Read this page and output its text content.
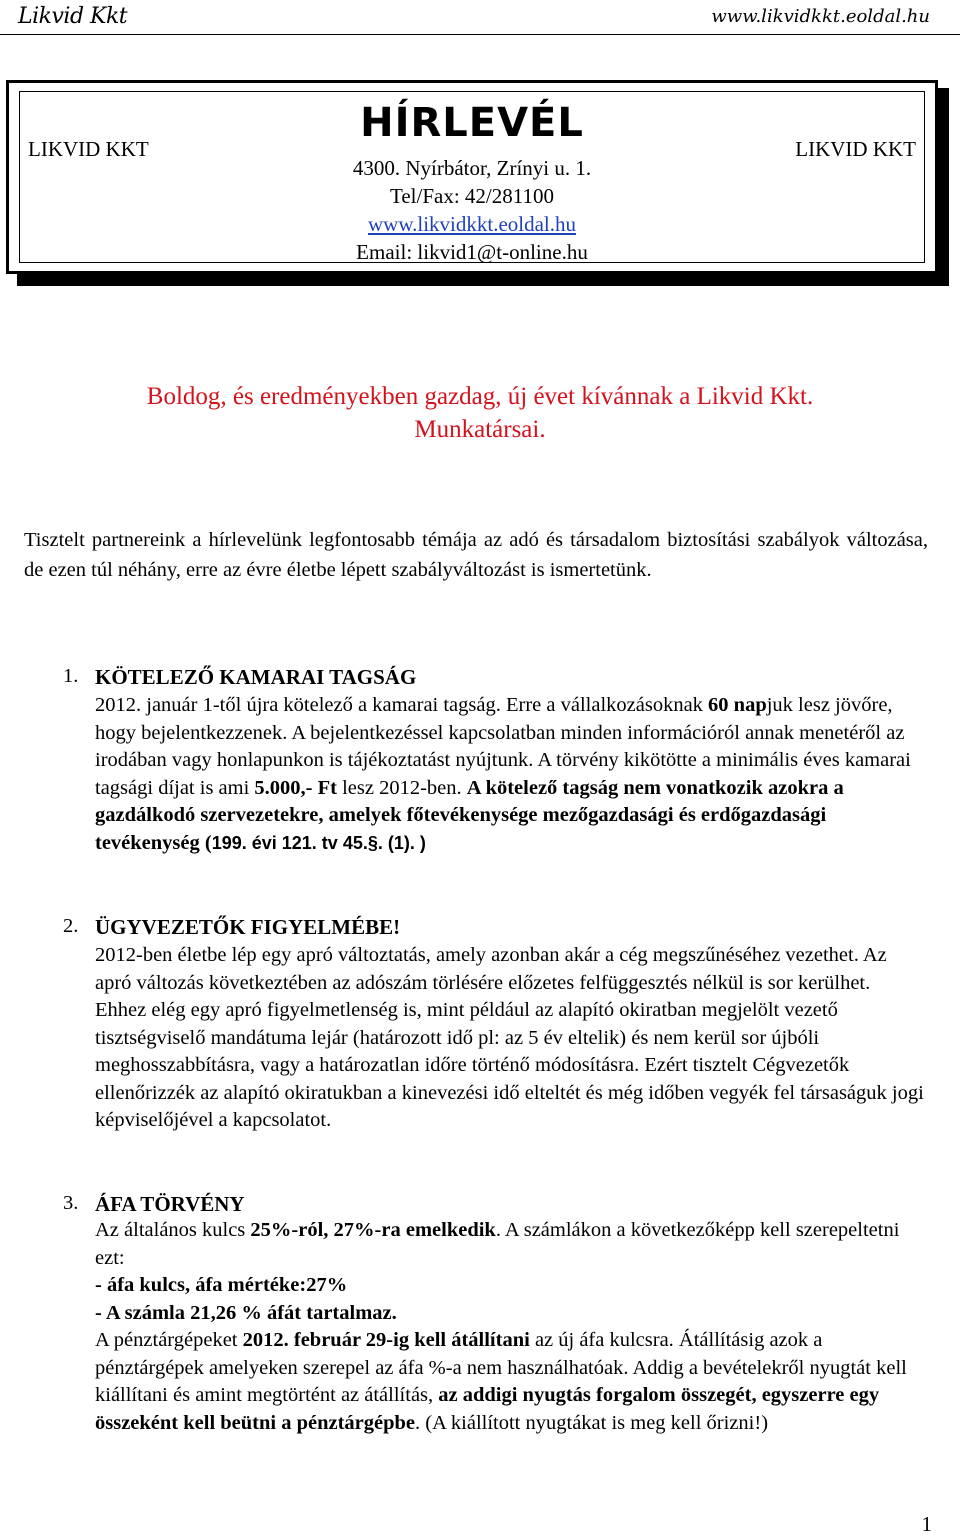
Likvid Kkt	www.likvidkkt.eoldal.hu
LIKVID KKT	LIKVID KKT
HÍRLEVÉL
4300. Nyírbátor, Zrínyi u. 1.
Tel/Fax: 42/281100
www.likvidkkt.eoldal.hu
Email: likvid1@t-online.hu
Boldog, és eredményekben gazdag, új évet kívánnak a Likvid Kkt.
Munkatársai.
Tisztelt partnereink a hírlevelünk legfontosabb témája az adó és társadalom biztosítási szabályok változása, de ezen túl néhány, erre az évre életbe lépett szabályváltozást is ismertetünk.
1. KÖTELEZŐ KAMARAI TAGSÁG
2012. január 1-től újra kötelező a kamarai tagság. Erre a vállalkozásoknak 60 napjuk lesz jövőre, hogy bejelentkezzenek. A bejelentkezéssel kapcsolatban minden információról annak menetéről az irodában vagy honlapunkon is tájékoztatást nyújtunk. A törvény kikötötte a minimális éves kamarai tagsági díjat is ami 5.000,- Ft lesz 2012-ben. A kötelező tagság nem vonatkozik azokra a gazdálkodó szervezetekre, amelyek főtevékenysége mezőgazdasági és erdőgazdasági tevékenység (199. évi 121. tv 45.§. (1). )
2. ÜGYVEZETŐK FIGYELMÉBE!
2012-ben életbe lép egy apró változtatás, amely azonban akár a cég megszűnéséhez vezethet. Az apró változás következtében az adószám törlésére előzetes felfüggesztés nélkül is sor kerülhet. Ehhez elég egy apró figyelmetlenség is, mint például az alapító okiratban megjelölt vezető tisztségviselő mandátuma lejár (határozott idő pl: az 5 év eltelik) és nem kerül sor újbóli meghosszabbításra, vagy a határozatlan időre történő módosításra. Ezért tisztelt Cégvezetők ellenőrizzék az alapító okiratukban a kinevezési idő elteltét és még időben vegyék fel társaságuk jogi képviselőjével a kapcsolatot.
3. ÁFA TÖRVÉNY
Az általános kulcs 25%-ról, 27%-ra emelkedik. A számlákon a következőképp kell szerepeltetni ezt:
- áfa kulcs, áfa mértéke:27%
- A számla 21,26 % áfát tartalmaz.
A pénztárgépeket 2012. február 29-ig kell átállítani az új áfa kulcsra. Átállításig azok a pénztárgépek amelyeken szerepel az áfa %-a nem használhatóak. Addig a bevételekről nyugtát kell kiállítani és amint megtörtént az átállítás, az addigi nyugtás forgalom összegét, egyszerre egy összeként kell beütni a pénztárgépbe. (A kiállított nyugtákat is meg kell őrizni!)
1
